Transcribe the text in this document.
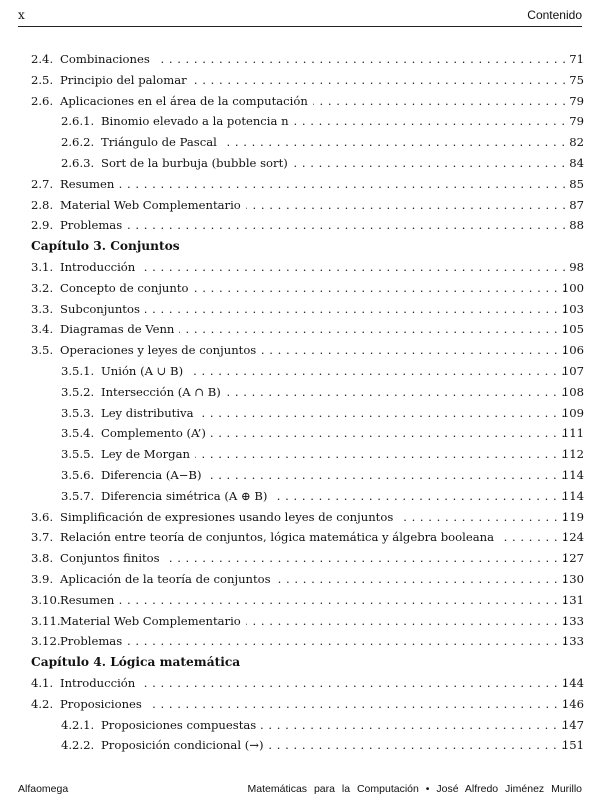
x	Contenido
2.4. Combinaciones . . .	71
2.5. Principio del palomar . . .	75
2.6. Aplicaciones en el área de la computación . . .	79
2.6.1. Binomio elevado a la potencia n . . .	79
2.6.2. Triángulo de Pascal . . .	82
2.6.3. Sort de la burbuja (bubble sort) . . .	84
2.7. Resumen . . .	85
2.8. Material Web Complementario . . .	87
2.9. Problemas . . .	88
Capítulo 3. Conjuntos
3.1. Introducción . . .	98
3.2. Concepto de conjunto . . .	100
3.3. Subconjuntos . . .	103
3.4. Diagramas de Venn . . .	105
3.5. Operaciones y leyes de conjuntos . . .	106
3.5.1. Unión (A ∪ B) . . .	107
3.5.2. Intersección (A ∩ B) . . .	108
3.5.3. Ley distributiva . . .	109
3.5.4. Complemento (A’) . . .	111
3.5.5. Ley de Morgan . . .	112
3.5.6. Diferencia (A−B) . . .	114
3.5.7. Diferencia simétrica (A ⊕ B) . . .	114
3.6. Simplificación de expresiones usando leyes de conjuntos . . .	119
3.7. Relación entre teoría de conjuntos, lógica matemática y álgebra booleana . . .	124
3.8. Conjuntos finitos . . .	127
3.9. Aplicación de la teoría de conjuntos . . .	130
3.10. Resumen . . .	131
3.11. Material Web Complementario . . .	133
3.12. Problemas . . .	133
Capítulo 4. Lógica matemática
4.1. Introducción . . .	144
4.2. Proposiciones . . .	146
4.2.1. Proposiciones compuestas . . .	147
4.2.2. Proposición condicional (→) . . .	151
Alfaomega	Matemáticas para la Computación • José Alfredo Jiménez Murillo
